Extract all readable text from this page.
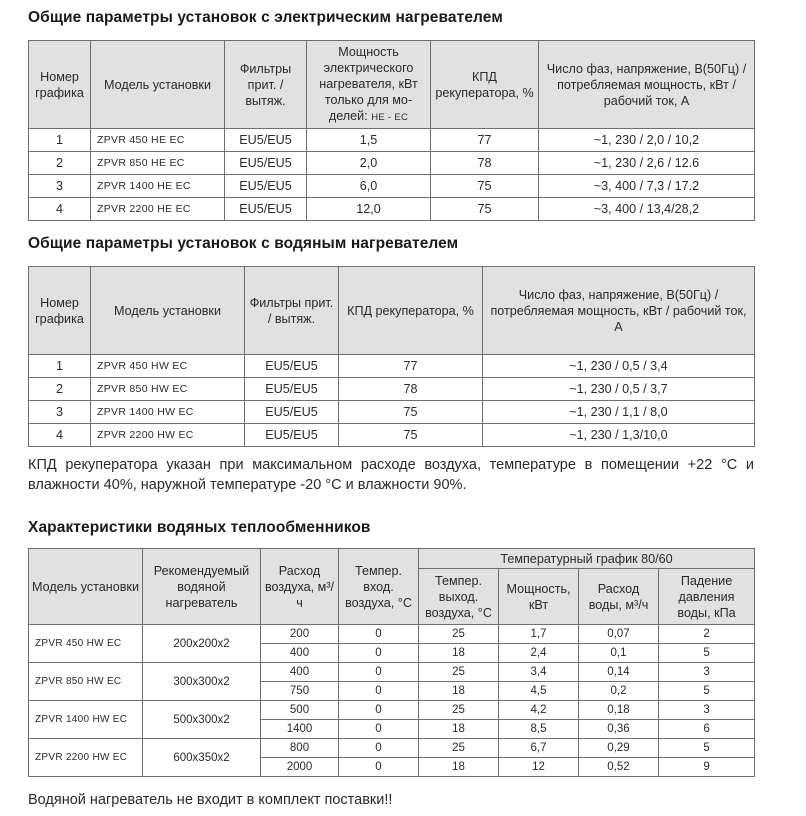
Общие параметры установок с электрическим нагревателем
Номер графика	Модель установки	Фильтры прит. / вытяж.	Мощность электрического нагревателя, кВт только для мо-делей: HE - EC	КПД рекуператора, %	Число фаз, напряжение, В(50Гц) / потребляемая мощность, кВт / рабочий ток, А
1	ZPVR 450 HE EC	EU5/EU5	1,5	77	~1, 230 / 2,0 / 10,2
2	ZPVR 850 HE EC	EU5/EU5	2,0	78	~1, 230 / 2,6 / 12.6
3	ZPVR 1400 HE EC	EU5/EU5	6,0	75	~3, 400 / 7,3 / 17.2
4	ZPVR 2200 HE EC	EU5/EU5	12,0	75	~3, 400 / 13,4/28,2
Общие параметры установок с водяным нагревателем
Номер графика	Модель установки	Фильтры прит. / вытяж.	КПД рекуператора, %	Число фаз, напряжение, В(50Гц) / потребляемая мощность, кВт / рабочий ток, А
1	ZPVR 450 HW EC	EU5/EU5	77	~1, 230 / 0,5 / 3,4
2	ZPVR 850 HW EC	EU5/EU5	78	~1, 230 / 0,5 / 3,7
3	ZPVR 1400 HW EC	EU5/EU5	75	~1, 230 / 1,1 / 8,0
4	ZPVR 2200 HW EC	EU5/EU5	75	~1, 230 / 1,3/10,0
КПД рекуператора указан при максимальном расходе воздуха, температуре в помещении +22 °С и влажности 40%, наружной температуре -20 °С и влажности 90%.
Характеристики водяных теплообменников
Модель установки	Рекомендуемый водяной нагреватель	Расход воздуха, м³/ч	Темпер. вход. воздуха, °С	Температурный график 80/60			
				Темпер. выход. воздуха, °С	Мощность, кВт	Расход воды, м³/ч	Падение давления воды, кПа
ZPVR 450 HW EC	200x200x2	200	0	25	1,7	0,07	2
		400	0	18	2,4	0,1	5
ZPVR 850 HW EC	300x300x2	400	0	25	3,4	0,14	3
		750	0	18	4,5	0,2	5
ZPVR 1400 HW EC	500x300x2	500	0	25	4,2	0,18	3
		1400	0	18	8,5	0,36	6
ZPVR 2200 HW EC	600x350x2	800	0	25	6,7	0,29	5
		2000	0	18	12	0,52	9
Водяной нагреватель не входит в комплект поставки!!
